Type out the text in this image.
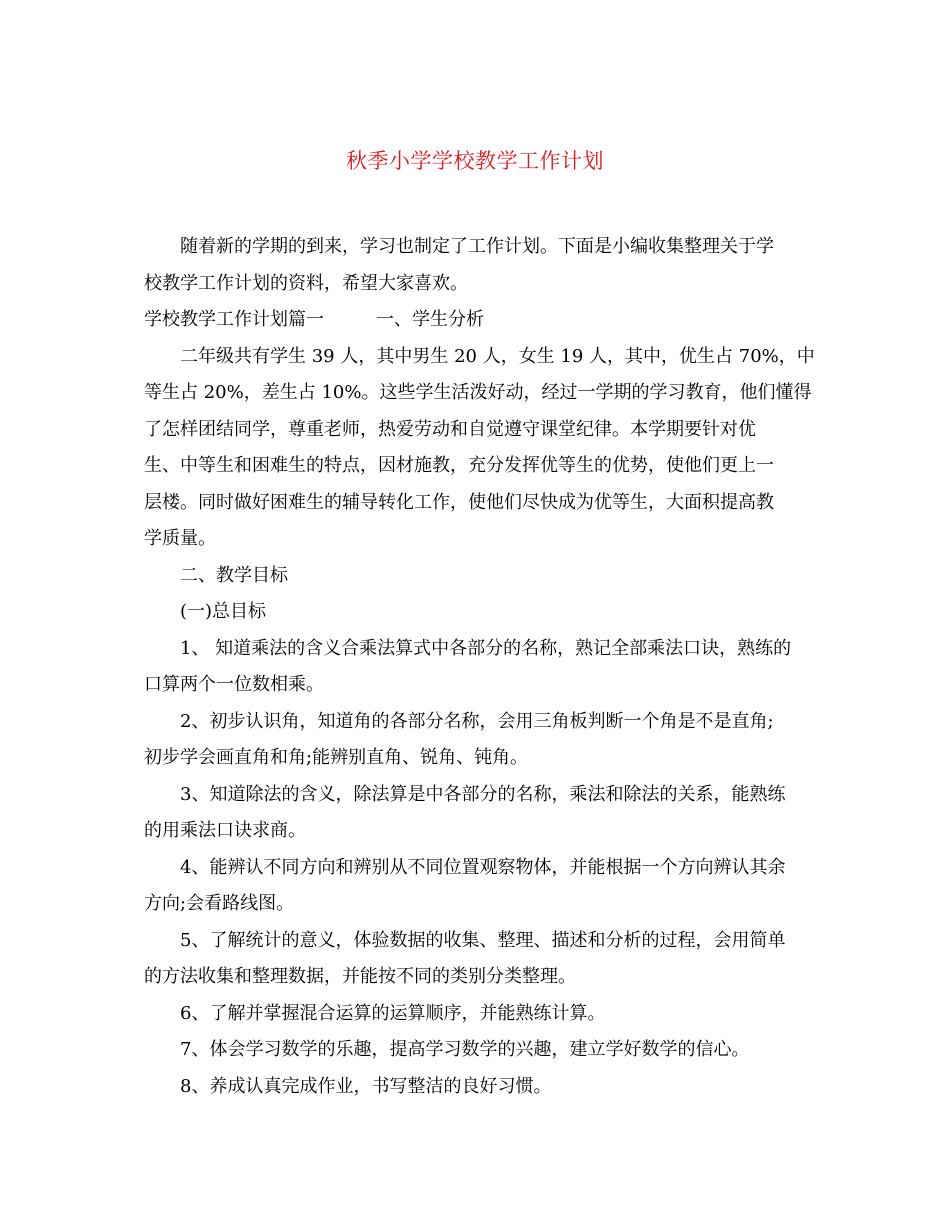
秋季小学学校教学工作计划

随着新的学期的到来，学习也制定了工作计划。下面是小编收集整理关于学
校教学工作计划的资料，希望大家喜欢。

学校教学工作计划篇一	一、学生分析

二年级共有学生 39 人，其中男生 20 人，女生 19 人，其中，优生占 70%，中
等生占 20%，差生占 10%。这些学生活泼好动，经过一学期的学习教育，他们懂得
了怎样团结同学，尊重老师，热爱劳动和自觉遵守课堂纪律。本学期要针对优
生、中等生和困难生的特点，因材施教，充分发挥优等生的优势，使他们更上一
层楼。同时做好困难生的辅导转化工作，使他们尽快成为优等生，大面积提高教
学质量。

二、教学目标

(一)总目标

1、 知道乘法的含义合乘法算式中各部分的名称，熟记全部乘法口诀，熟练的
口算两个一位数相乘。

2、初步认识角，知道角的各部分名称，会用三角板判断一个角是不是直角;
初步学会画直角和角;能辨别直角、锐角、钝角。

3、知道除法的含义，除法算是中各部分的名称，乘法和除法的关系，能熟练
的用乘法口诀求商。

4、能辨认不同方向和辨别从不同位置观察物体，并能根据一个方向辨认其余
方向;会看路线图。

5、了解统计的意义，体验数据的收集、整理、描述和分析的过程，会用简单
的方法收集和整理数据，并能按不同的类别分类整理。

6、了解并掌握混合运算的运算顺序，并能熟练计算。

7、体会学习数学的乐趣，提高学习数学的兴趣，建立学好数学的信心。

8、养成认真完成作业，书写整洁的良好习惯。
